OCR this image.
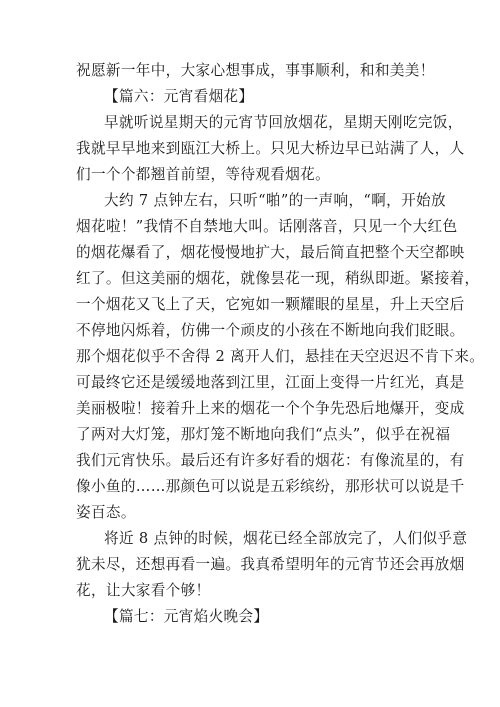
祝愿新一年中，大家心想事成，事事顺利，和和美美！
【篇六：元宵看烟花】
早就听说星期天的元宵节回放烟花，星期天刚吃完饭，
我就早早地来到瓯江大桥上。只见大桥边早已站满了人，人
们一个个都翘首前望，等待观看烟花。
大约 7 点钟左右，只听“啪”的一声响，“啊，开始放
烟花啦！”我情不自禁地大叫。话刚落音，只见一个大红色
的烟花爆看了，烟花慢慢地扩大，最后简直把整个天空都映
红了。但这美丽的烟花，就像昙花一现，稍纵即逝。紧接着，
一个烟花又飞上了天，它宛如一颗耀眼的星星，升上天空后
不停地闪烁着，仿佛一个顽皮的小孩在不断地向我们眨眼。
那个烟花似乎不舍得 2 离开人们，悬挂在天空迟迟不肯下来。
可最终它还是缓缓地落到江里，江面上变得一片红光，真是
美丽极啦！接着升上来的烟花一个个争先恐后地爆开，变成
了两对大灯笼，那灯笼不断地向我们“点头”，似乎在祝福
我们元宵快乐。最后还有许多好看的烟花：有像流星的，有
像小鱼的……那颜色可以说是五彩缤纷，那形状可以说是千
姿百态。
将近 8 点钟的时候，烟花已经全部放完了，人们似乎意
犹未尽，还想再看一遍。我真希望明年的元宵节还会再放烟
花，让大家看个够！
【篇七：元宵焰火晚会】
